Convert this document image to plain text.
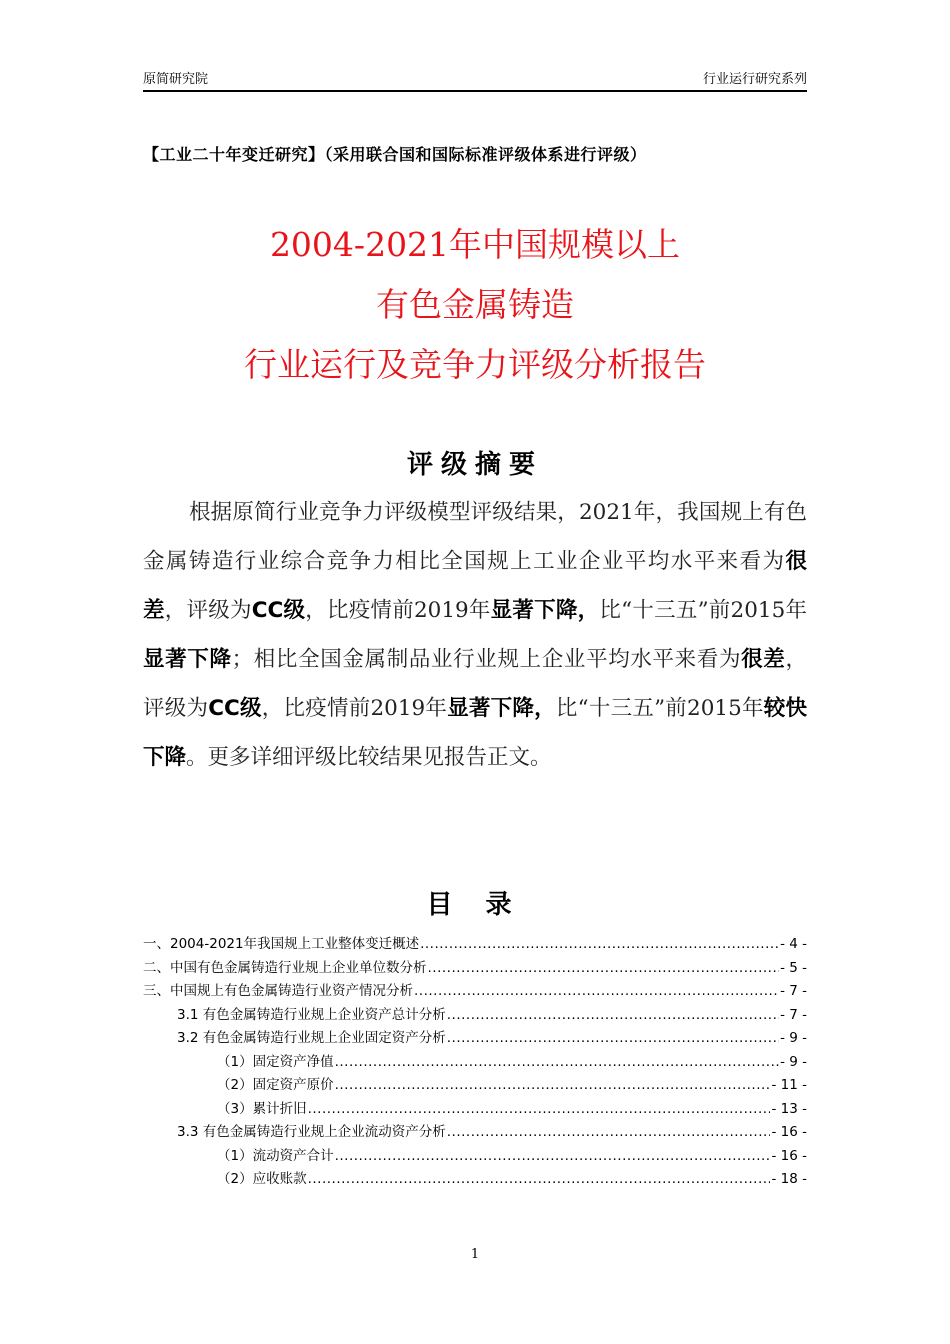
原简研究院	行业运行研究系列
【工业二十年变迁研究】（采用联合国和国际标准评级体系进行评级）
2004-2021年中国规模以上
有色金属铸造
行业运行及竞争力评级分析报告
评级摘要
根据原简行业竞争力评级模型评级结果，2021年，我国规上有色金属铸造行业综合竞争力相比全国规上工业企业平均水平来看为很差，评级为CC级，比疫情前2019年显著下降，比“十三五”前2015年显著下降；相比全国金属制品业行业规上企业平均水平来看为很差，评级为CC级，比疫情前2019年显著下降，比“十三五”前2015年较快下降。更多详细评级比较结果见报告正文。
目 录
一、2004-2021年我国规上工业整体变迁概述 .....	- 4 -
二、中国有色金属铸造行业规上企业单位数分析 .....	- 5 -
三、中国规上有色金属铸造行业资产情况分析 .....	- 7 -
3.1 有色金属铸造行业规上企业资产总计分析 .....	- 7 -
3.2 有色金属铸造行业规上企业固定资产分析 .....	- 9 -
（1）固定资产净值 .....	- 9 -
（2）固定资产原价 .....	- 11 -
（3）累计折旧 .....	- 13 -
3.3 有色金属铸造行业规上企业流动资产分析 .....	- 16 -
（1）流动资产合计 .....	- 16 -
（2）应收账款 .....	- 18 -
1
